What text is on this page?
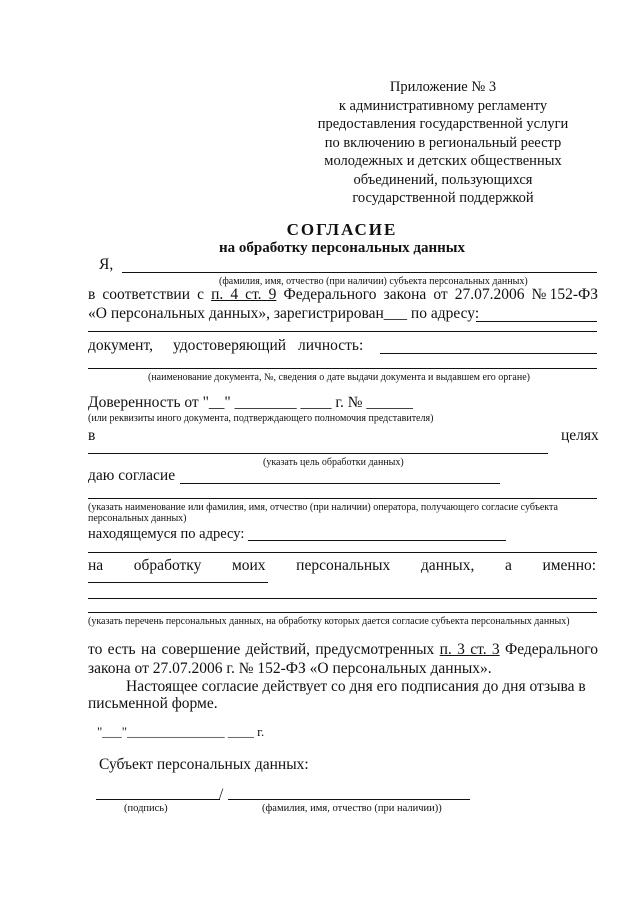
Приложение № 3
к административному регламенту
предоставления государственной услуги
по включению в региональный реестр
молодежных и детских общественных
объединений, пользующихся
государственной поддержкой
СОГЛАСИЕ
на обработку персональных данных
Я,
(фамилия, имя, отчество (при наличии) субъекта персональных данных)
в соответствии с п. 4 ст. 9 Федерального закона от 27.07.2006 №152-ФЗ
«О персональных данных», зарегистрирован___ по адресу:
документ, удостоверяющий личность:
(наименование документа, №, сведения о дате выдачи документа и выдавшем его органе)
Доверенность от "__" ________ ____ г. № ______
(или реквизиты иного документа, подтверждающего полномочия представителя)
в	целях
(указать цель обработки данных)
даю согласие
(указать наименование или фамилия, имя, отчество (при наличии) оператора, получающего согласие субъекта персональных данных)
находящемуся по адресу:
на обработку моих персональных данных, а именно:
(указать перечень персональных данных, на обработку которых дается согласие субъекта персональных данных)
то есть на совершение действий, предусмотренных п. 3 ст. 3 Федерального
закона от 27.07.2006 г. № 152-ФЗ «О персональных данных».
Настоящее согласие действует со дня его подписания до дня отзыва в
письменной форме.
"___"_______________ ____ г.
Субъект персональных данных:
/
(подпись)	(фамилия, имя, отчество (при наличии))
